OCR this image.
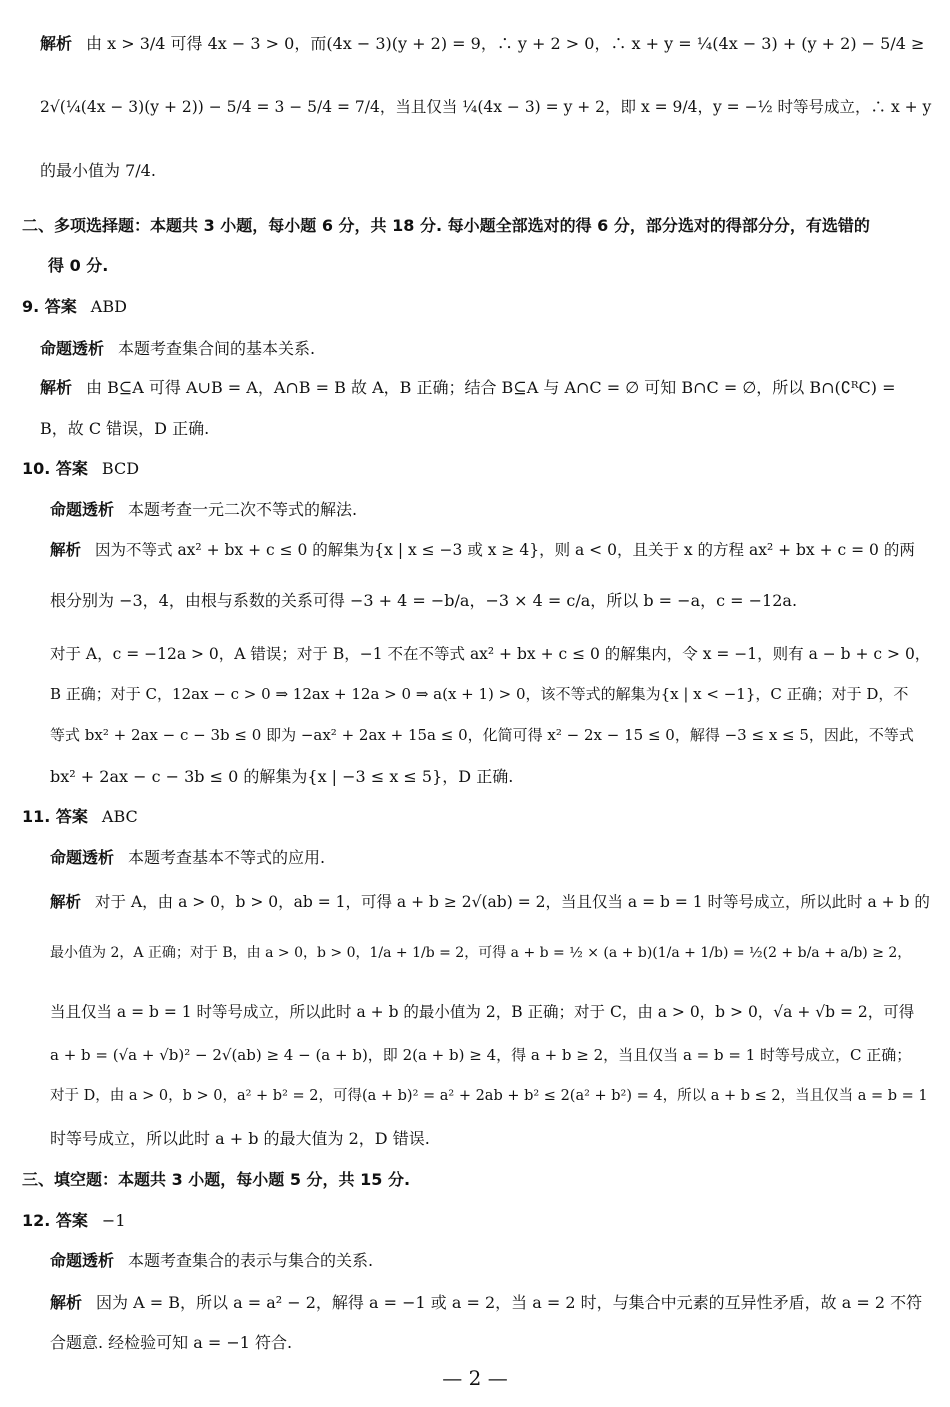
解析 由 x > 3/4 可得 4x − 3 > 0，而(4x − 3)(y + 2) = 9，∴ y + 2 > 0，∴ x + y = ¼(4x − 3) + (y + 2) − 5/4 ≥
2√(¼(4x − 3)(y + 2)) − 5/4 = 3 − 5/4 = 7/4，当且仅当 ¼(4x − 3) = y + 2，即 x = 9/4，y = −½ 时等号成立，∴ x + y
的最小值为 7/4.
二、多项选择题：本题共 3 小题，每小题 6 分，共 18 分. 每小题全部选对的得 6 分，部分选对的得部分分，有选错的
得 0 分.
9. 答案 ABD
命题透析 本题考查集合间的基本关系.
解析 由 B⊆A 可得 A∪B = A，A∩B = B 故 A，B 正确；结合 B⊆A 与 A∩C = ∅ 可知 B∩C = ∅，所以 B∩(∁ᴿC) =
B，故 C 错误，D 正确.
10. 答案 BCD
命题透析 本题考查一元二次不等式的解法.
解析 因为不等式 ax² + bx + c ≤ 0 的解集为{x | x ≤ −3 或 x ≥ 4}，则 a < 0，且关于 x 的方程 ax² + bx + c = 0 的两
根分别为 −3，4，由根与系数的关系可得 −3 + 4 = −b/a，−3 × 4 = c/a，所以 b = −a，c = −12a.
对于 A，c = −12a > 0，A 错误；对于 B，−1 不在不等式 ax² + bx + c ≤ 0 的解集内，令 x = −1，则有 a − b + c > 0，
B 正确；对于 C，12ax − c > 0 ⇒ 12ax + 12a > 0 ⇒ a(x + 1) > 0，该不等式的解集为{x | x < −1}，C 正确；对于 D，不
等式 bx² + 2ax − c − 3b ≤ 0 即为 −ax² + 2ax + 15a ≤ 0，化简可得 x² − 2x − 15 ≤ 0，解得 −3 ≤ x ≤ 5，因此，不等式
bx² + 2ax − c − 3b ≤ 0 的解集为{x | −3 ≤ x ≤ 5}，D 正确.
11. 答案 ABC
命题透析 本题考查基本不等式的应用.
解析 对于 A，由 a > 0，b > 0，ab = 1，可得 a + b ≥ 2√(ab) = 2，当且仅当 a = b = 1 时等号成立，所以此时 a + b 的
最小值为 2，A 正确；对于 B，由 a > 0，b > 0，1/a + 1/b = 2，可得 a + b = ½ × (a + b)(1/a + 1/b) = ½(2 + b/a + a/b) ≥ 2，
当且仅当 a = b = 1 时等号成立，所以此时 a + b 的最小值为 2，B 正确；对于 C，由 a > 0，b > 0，√a + √b = 2，可得
a + b = (√a + √b)² − 2√(ab) ≥ 4 − (a + b)，即 2(a + b) ≥ 4，得 a + b ≥ 2，当且仅当 a = b = 1 时等号成立，C 正确；
对于 D，由 a > 0，b > 0，a² + b² = 2，可得(a + b)² = a² + 2ab + b² ≤ 2(a² + b²) = 4，所以 a + b ≤ 2，当且仅当 a = b = 1
时等号成立，所以此时 a + b 的最大值为 2，D 错误.
三、填空题：本题共 3 小题，每小题 5 分，共 15 分.
12. 答案 −1
命题透析 本题考查集合的表示与集合的关系.
解析 因为 A = B，所以 a = a² − 2，解得 a = −1 或 a = 2，当 a = 2 时，与集合中元素的互异性矛盾，故 a = 2 不符
合题意. 经检验可知 a = −1 符合.
— 2 —
